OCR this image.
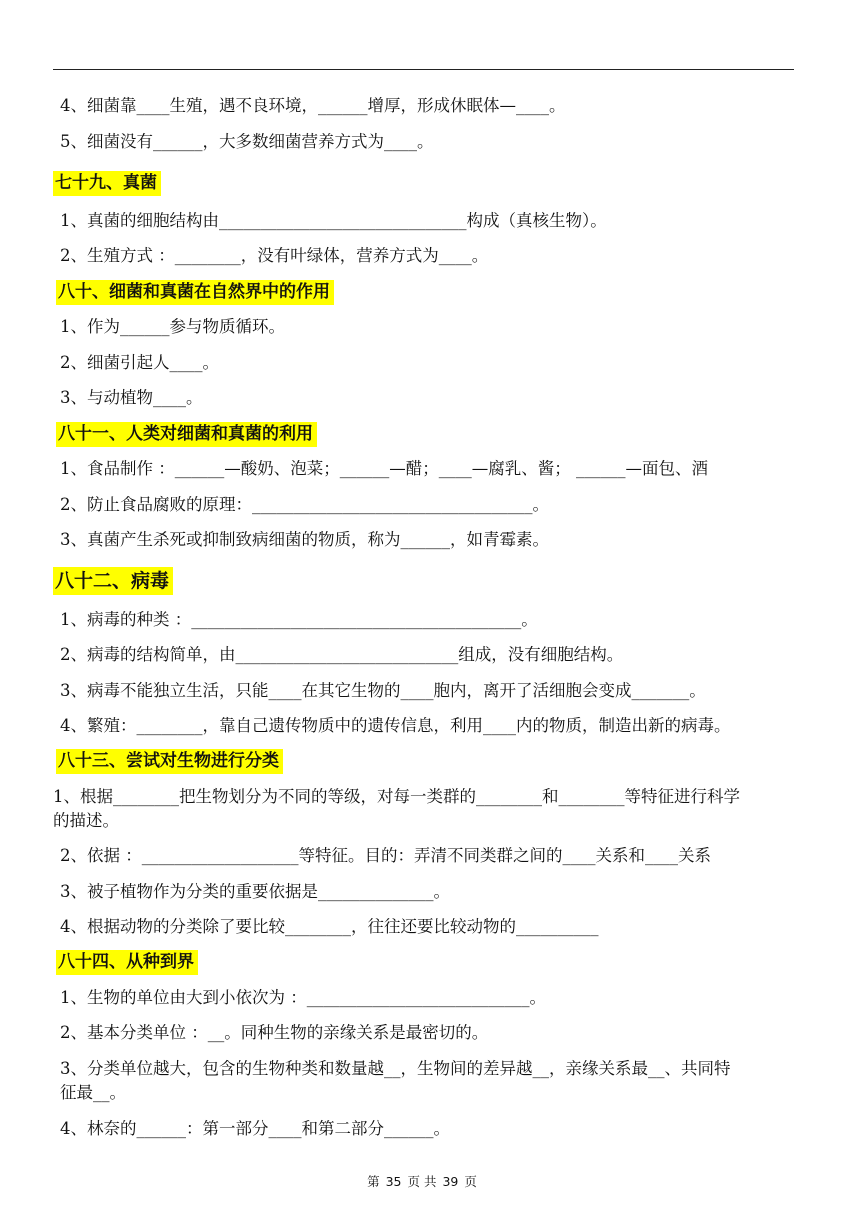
4、细菌靠____生殖，遇不良环境，______增厚，形成休眠体—____。
5、细菌没有______，大多数细菌营养方式为____。
七十九、真菌
1、真菌的细胞结构由______________________________构成（真核生物）。
2、生殖方式 ：________，没有叶绿体，营养方式为____。
八十、细菌和真菌在自然界中的作用
1、作为______参与物质循环。
2、细菌引起人____。
3、与动植物____。
八十一、人类对细菌和真菌的利用
1、食品制作 ：______—酸奶、泡菜；______—醋；____—腐乳、酱； ______—面包、酒
2、防止食品腐败的原理：__________________________________。
3、真菌产生杀死或抑制致病细菌的物质，称为______，如青霉素。
八十二、病毒
1、病毒的种类 ：________________________________________。
2、病毒的结构简单，由___________________________组成，没有细胞结构。
3、病毒不能独立生活，只能____在其它生物的____胞内，离开了活细胞会变成_______。
4、繁殖：________，靠自己遗传物质中的遗传信息，利用____内的物质，制造出新的病毒。
八十三、尝试对生物进行分类
1、根据________把生物划分为不同的等级，对每一类群的________和________等特征进行科学
的描述。
2、依据 ：___________________等特征。目的：弄清不同类群之间的____关系和____关系
3、被子植物作为分类的重要依据是______________。
4、根据动物的分类除了要比较________，往往还要比较动物的__________
八十四、从种到界
1、生物的单位由大到小依次为 ：___________________________。
2、基本分类单位 ：__。同种生物的亲缘关系是最密切的。
3、分类单位越大，包含的生物种类和数量越__，生物间的差异越__，亲缘关系最__、共同特
征最__。
4、林奈的______：第一部分____和第二部分______。
第 35 页 共 39 页
